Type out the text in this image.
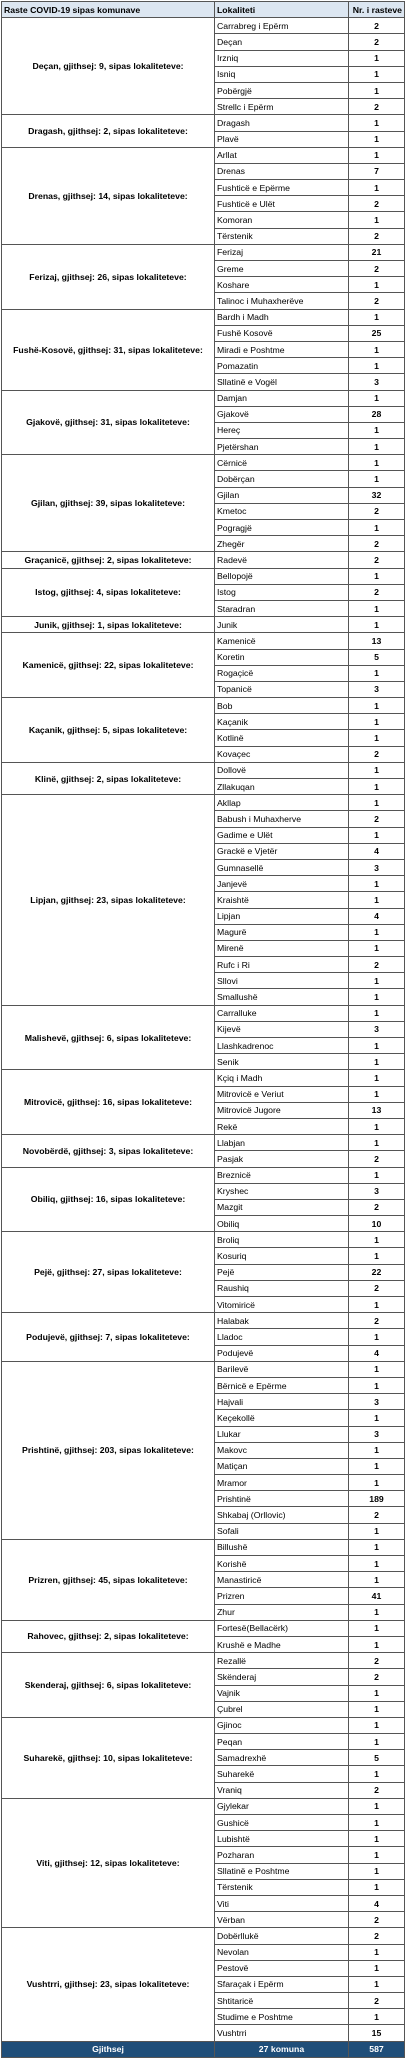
Raste COVID-19 sipas komunave	Lokaliteti	Nr. i rasteve
Deçan, gjithsej: 9, sipas lokaliteteve:	Carrabreg i Epërm	2
	Deçan	2
	Irzniq	1
	Isniq	1
	Pobërgjë	1
	Strellc i Epërm	2
Dragash, gjithsej: 2, sipas lokaliteteve:	Dragash	1
	Plavë	1
Drenas, gjithsej: 14, sipas lokaliteteve:	Arllat	1
	Drenas	7
	Fushticë e Epërme	1
	Fushticë e Ulët	2
	Komoran	1
	Tërstenik	2
Ferizaj, gjithsej: 26, sipas lokaliteteve:	Ferizaj	21
	Greme	2
	Koshare	1
	Talinoc i Muhaxherëve	2
Fushë-Kosovë, gjithsej: 31, sipas lokaliteteve:	Bardh i Madh	1
	Fushë Kosovë	25
	Miradi e Poshtme	1
	Pomazatin	1
	Sllatinë e Vogël	3
Gjakovë, gjithsej: 31, sipas lokaliteteve:	Damjan	1
	Gjakovë	28
	Hereç	1
	Pjetërshan	1
Gjilan, gjithsej: 39, sipas lokaliteteve:	Cërnicë	1
	Dobërçan	1
	Gjilan	32
	Kmetoc	2
	Pogragjë	1
	Zhegër	2
Graçanicë, gjithsej: 2, sipas lokaliteteve:	Radevë	2
Istog, gjithsej: 4, sipas lokaliteteve:	Bellopojë	1
	Istog	2
	Staradran	1
Junik, gjithsej: 1, sipas lokaliteteve:	Junik	1
Kamenicë, gjithsej: 22, sipas lokaliteteve:	Kamenicë	13
	Koretin	5
	Rogaçicë	1
	Topanicë	3
Kaçanik, gjithsej: 5, sipas lokaliteteve:	Bob	1
	Kaçanik	1
	Kotlinë	1
	Kovaçec	2
Klinë, gjithsej: 2, sipas lokaliteteve:	Dollovë	1
	Zllakuqan	1
Lipjan, gjithsej: 23, sipas lokaliteteve:	Akllap	1
	Babush i Muhaxherve	2
	Gadime e Ulët	1
	Grackë e Vjetër	4
	Gumnasellë	3
	Janjevë	1
	Kraishtë	1
	Lipjan	4
	Magurë	1
	Mirenë	1
	Rufc i Ri	2
	Sllovi	1
	Smallushë	1
Malishevë, gjithsej: 6, sipas lokaliteteve:	Carralluke	1
	Kijevë	3
	Llashkadrenoc	1
	Senik	1
Mitrovicë, gjithsej: 16, sipas lokaliteteve:	Kçiq i Madh	1
	Mitrovicë e Veriut	1
	Mitrovicë Jugore	13
	Rekë	1
Novobërdë, gjithsej: 3, sipas lokaliteteve:	Llabjan	1
	Pasjak	2
Obiliq, gjithsej: 16, sipas lokaliteteve:	Breznicë	1
	Kryshec	3
	Mazgit	2
	Obiliq	10
Pejë, gjithsej: 27, sipas lokaliteteve:	Broliq	1
	Kosuriq	1
	Pejë	22
	Raushiq	2
	Vitomiricë	1
Podujevë, gjithsej: 7, sipas lokaliteteve:	Halabak	2
	Lladoc	1
	Podujevë	4
Prishtinë, gjithsej: 203, sipas lokaliteteve:	Barilevë	1
	Bërnicë e Epërme	1
	Hajvali	3
	Keçekollë	1
	Llukar	3
	Makovc	1
	Matiçan	1
	Mramor	1
	Prishtinë	189
	Shkabaj (Orllovic)	2
	Sofali	1
Prizren, gjithsej: 45, sipas lokaliteteve:	Billushë	1
	Korishë	1
	Manastiricë	1
	Prizren	41
	Zhur	1
Rahovec, gjithsej: 2, sipas lokaliteteve:	Fortesë(Bellacërk)	1
	Krushë e Madhe	1
Skenderaj, gjithsej: 6, sipas lokaliteteve:	Rezallë	2
	Skënderaj	2
	Vajnik	1
	Çubrel	1
Suharekë, gjithsej: 10, sipas lokaliteteve:	Gjinoc	1
	Peqan	1
	Samadrexhë	5
	Suharekë	1
	Vraniq	2
Viti, gjithsej: 12, sipas lokaliteteve:	Gjylekar	1
	Gushicë	1
	Lubishtë	1
	Pozharan	1
	Sllatinë e Poshtme	1
	Tërstenik	1
	Viti	4
	Vërban	2
Vushtrri, gjithsej: 23, sipas lokaliteteve:	Dobërllukë	2
	Nevolan	1
	Pestovë	1
	Sfaraçak i Epërm	1
	Shtitaricë	2
	Studime e Poshtme	1
	Vushtrri	15
Gjithsej	27 komuna	587
